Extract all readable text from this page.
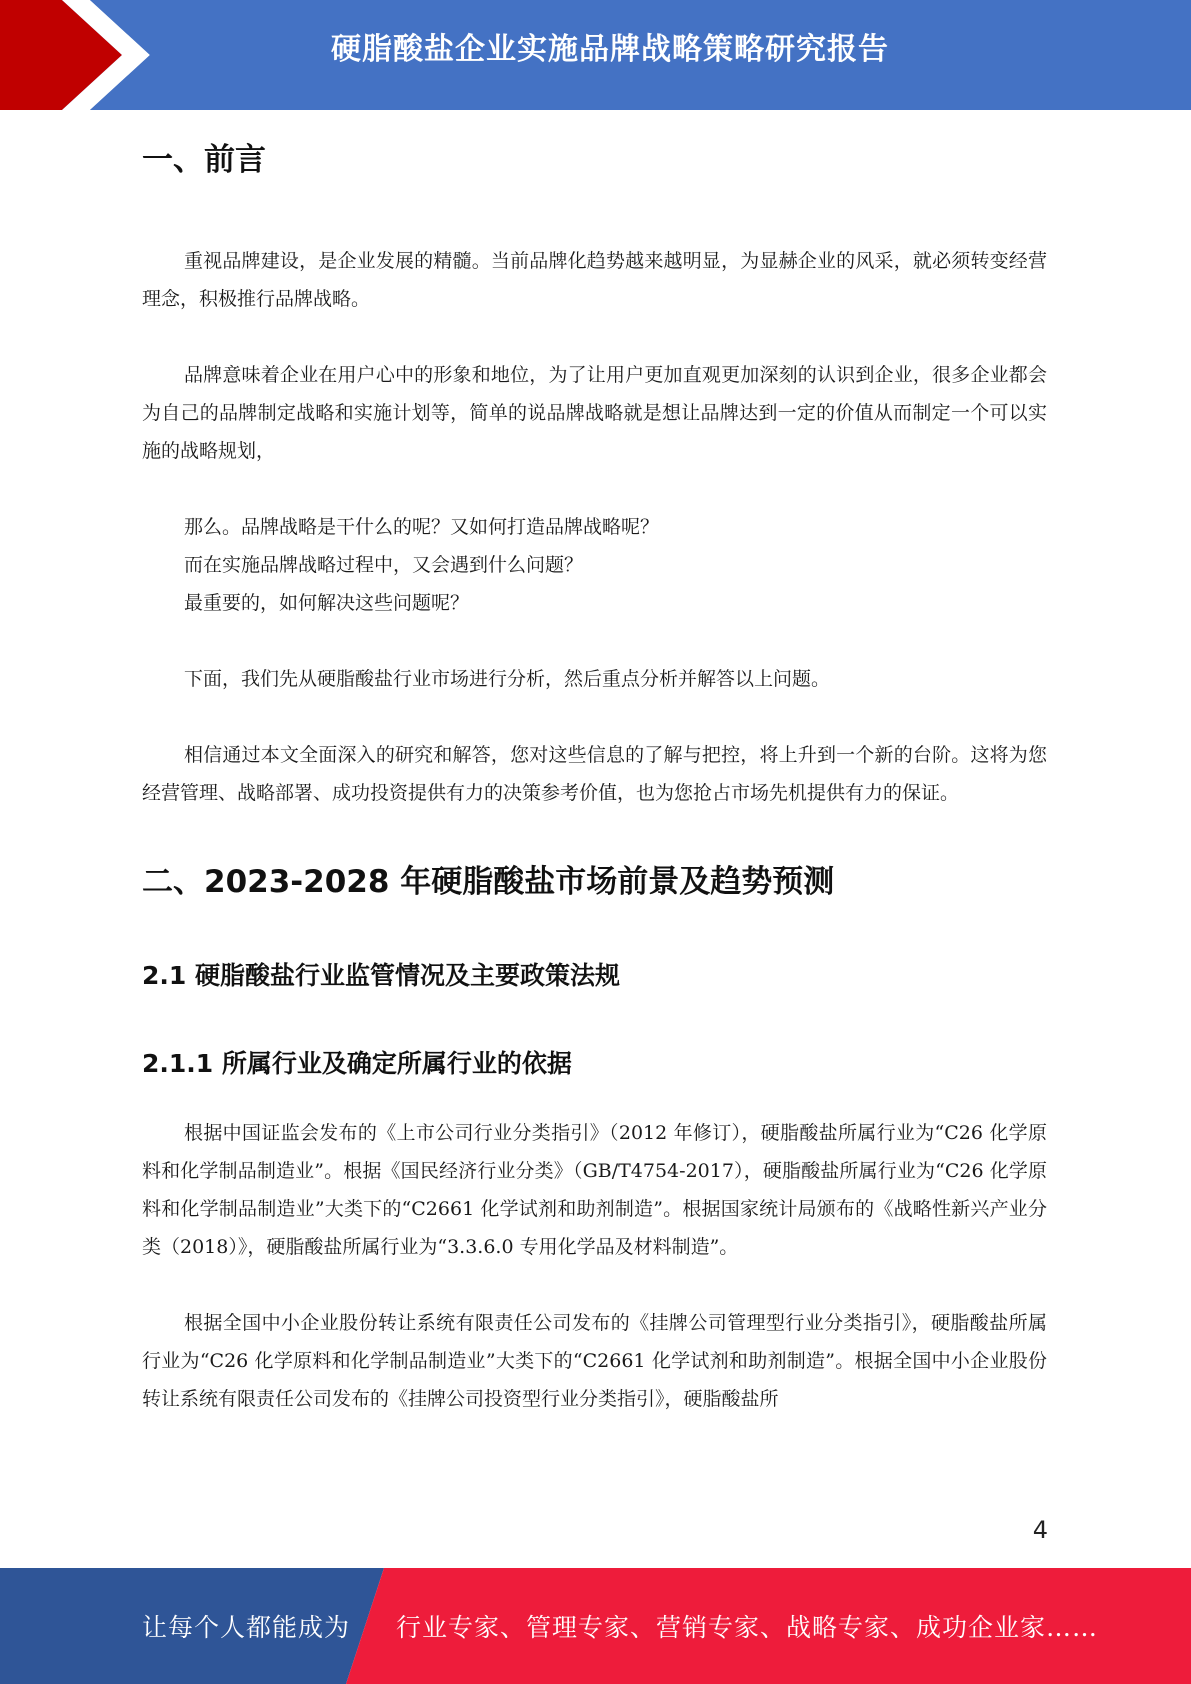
硬脂酸盐企业实施品牌战略策略研究报告
一、前言

重视品牌建设，是企业发展的精髓。当前品牌化趋势越来越明显，为显赫企业的风采，就必须转变经营理念，积极推行品牌战略。

品牌意味着企业在用户心中的形象和地位，为了让用户更加直观更加深刻的认识到企业，很多企业都会为自己的品牌制定战略和实施计划等，简单的说品牌战略就是想让品牌达到一定的价值从而制定一个可以实施的战略规划，

那么。品牌战略是干什么的呢？又如何打造品牌战略呢？

而在实施品牌战略过程中，又会遇到什么问题？

最重要的，如何解决这些问题呢？

下面，我们先从硬脂酸盐行业市场进行分析，然后重点分析并解答以上问题。

相信通过本文全面深入的研究和解答，您对这些信息的了解与把控，将上升到一个新的台阶。这将为您经营管理、战略部署、成功投资提供有力的决策参考价值，也为您抢占市场先机提供有力的保证。

二、2023-2028 年硬脂酸盐市场前景及趋势预测
2.1 硬脂酸盐行业监管情况及主要政策法规
2.1.1 所属行业及确定所属行业的依据

根据中国证监会发布的《上市公司行业分类指引》（2012 年修订），硬脂酸盐所属行业为“C26 化学原料和化学制品制造业”。根据《国民经济行业分类》（GB/T4754-2017），硬脂酸盐所属行业为“C26 化学原料和化学制品制造业”大类下的“C2661 化学试剂和助剂制造”。根据国家统计局颁布的《战略性新兴产业分类（2018）》，硬脂酸盐所属行业为“3.3.6.0 专用化学品及材料制造”。

根据全国中小企业股份转让系统有限责任公司发布的《挂牌公司管理型行业分类指引》，硬脂酸盐所属行业为“C26 化学原料和化学制品制造业”大类下的“C2661 化学试剂和助剂制造”。根据全国中小企业股份转让系统有限责任公司发布的《挂牌公司投资型行业分类指引》，硬脂酸盐所

4
让每个人都能成为 行业专家、管理专家、营销专家、战略专家、成功企业家……
